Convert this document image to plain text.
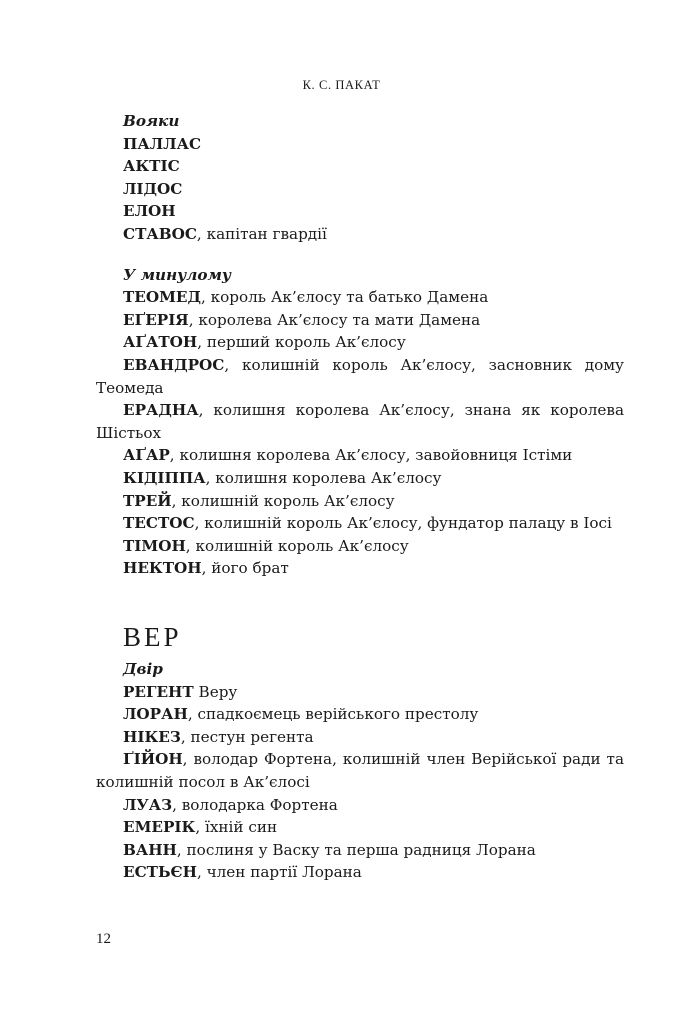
К. С. ПАКАТ
Вояки
ПАЛЛАС
АКТІС
ЛІДОС
ЕЛОН
СТАВОС, капітан гвардії
У минулому
ТЕОМЕД, король Ак’єлосу та батько Дамена
ЕҐЕРІЯ, королева Ак’єлосу та мати Дамена
АҐАТОН, перший король Ак’єлосу
ЕВАНДРОС, колишній король Ак’єлосу, засновник дому Теомеда
ЕРАДНА, колишня королева Ак’єлосу, знана як королева Шістьох
АҐАР, колишня королева Ак’єлосу, завойовниця Істіми
КІДІППА, колишня королева Ак’єлосу
ТРЕЙ, колишній король Ак’єлосу
ТЕСТОС, колишній король Ак’єлосу, фундатор палацу в Іосі
ТІМОН, колишній король Ак’єлосу
НЕКТОН, його брат
ВЕР
Двір
РЕГЕНТ Веру
ЛОРАН, спадкоємець верійського престолу
НІКЕЗ, пестун регента
ҐІЙОН, володар Фортена, колишній член Верійської ради та колишній посол в Ак’єлосі
ЛУАЗ, володарка Фортена
ЕМЕРІК, їхній син
ВАНН, послиня у Васку та перша радниця Лорана
ЕСТЬЄН, член партії Лорана
12
